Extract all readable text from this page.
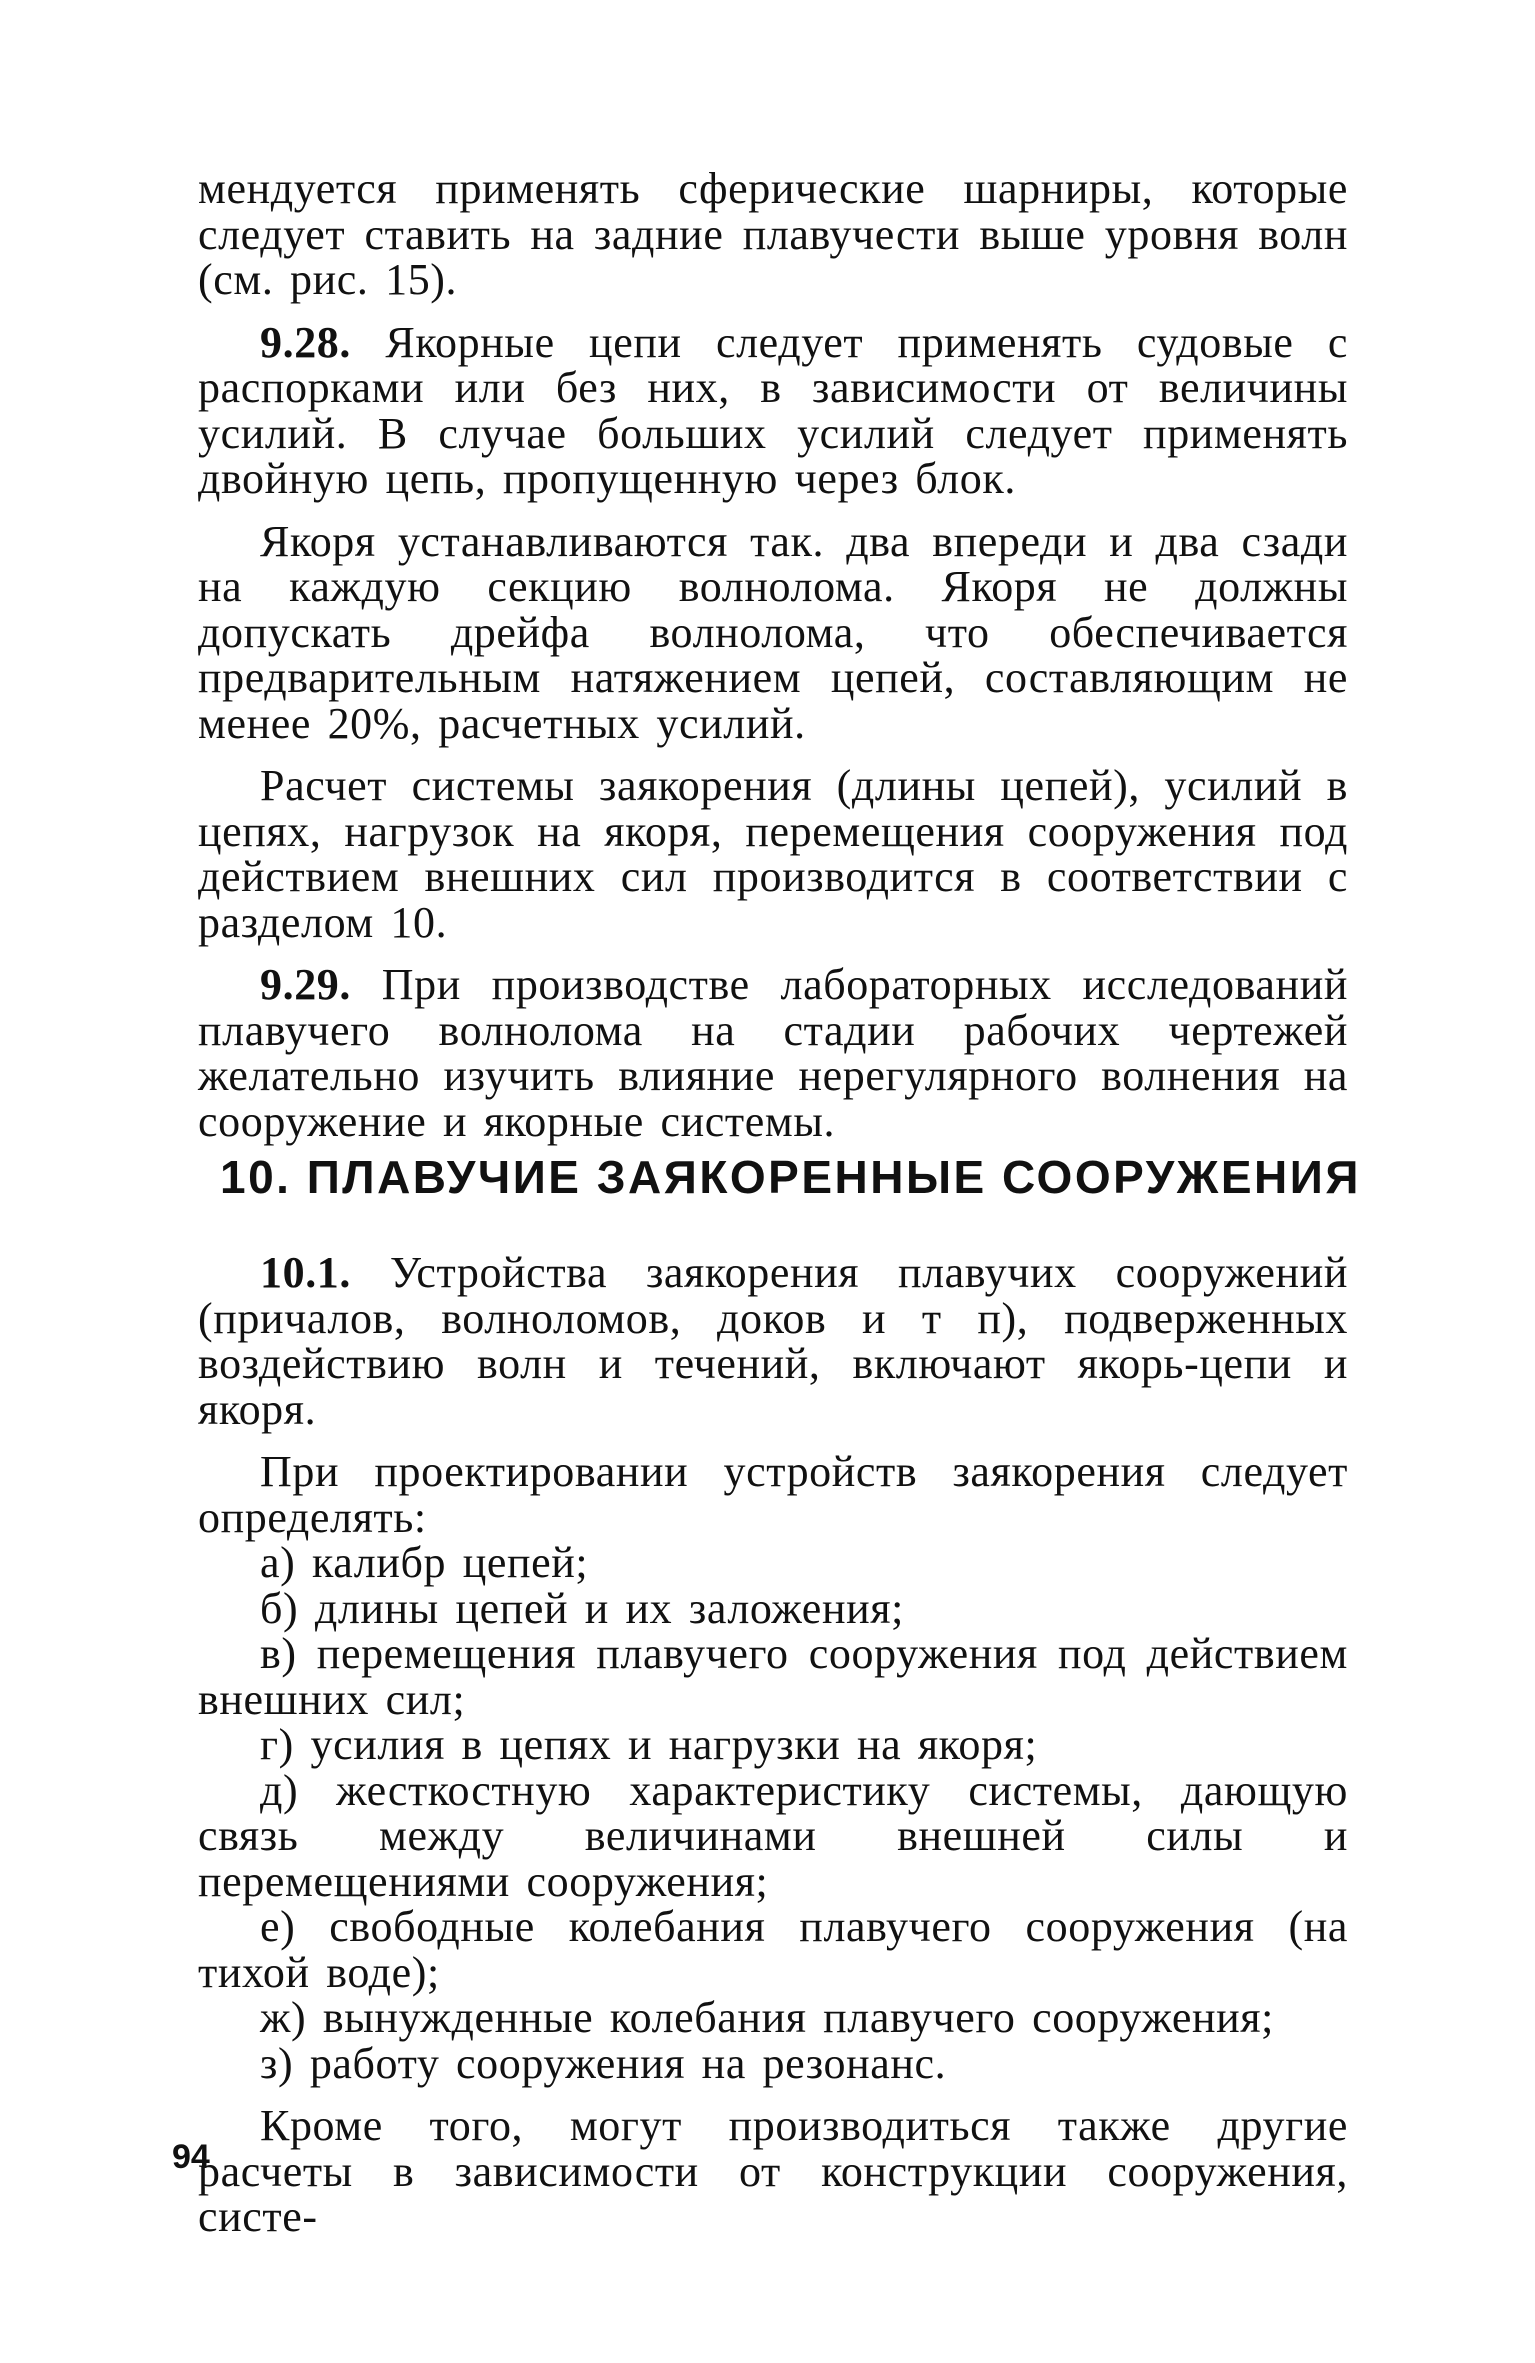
мендуется применять сферические шарниры, которые следует ставить на задние плавучести выше уровня волн (см. рис. 15).

9.28. Якорные цепи следует применять судовые с распорками или без них, в зависимости от величины усилий. В случае больших усилий следует применять двойную цепь, пропущенную через блок.

Якоря устанавливаются так. два впереди и два сзади на каждую секцию волнолома. Якоря не должны допускать дрейфа волнолома, что обеспечивается предварительным натяжением цепей, составляющим не менее 20%, расчетных усилий.

Расчет системы заякорения (длины цепей), усилий в цепях, нагрузок на якоря, перемещения сооружения под действием внешних сил производится в соответствии с разделом 10.

9.29. При производстве лабораторных исследований плавучего волнолома на стадии рабочих чертежей желательно изучить влияние нерегулярного волнения на сооружение и якорные системы.

10. ПЛАВУЧИЕ ЗАЯКОРЕННЫЕ СООРУЖЕНИЯ

10.1. Устройства заякорения плавучих сооружений (причалов, волноломов, доков и т п), подверженных воздействию волн и течений, включают якорь-цепи и якоря.

При проектировании устройств заякорения следует определять:

а) калибр цепей;

б) длины цепей и их заложения;

в) перемещения плавучего сооружения под действием внешних сил;

г) усилия в цепях и нагрузки на якоря;

д) жесткостную характеристику системы, дающую связь между величинами внешней силы и перемещениями сооружения;

е) свободные колебания плавучего сооружения (на тихой воде);

ж) вынужденные колебания плавучего сооружения;

з) работу сооружения на резонанс.

Кроме того, могут производиться также другие расчеты в зависимости от конструкции сооружения, систе-

94
